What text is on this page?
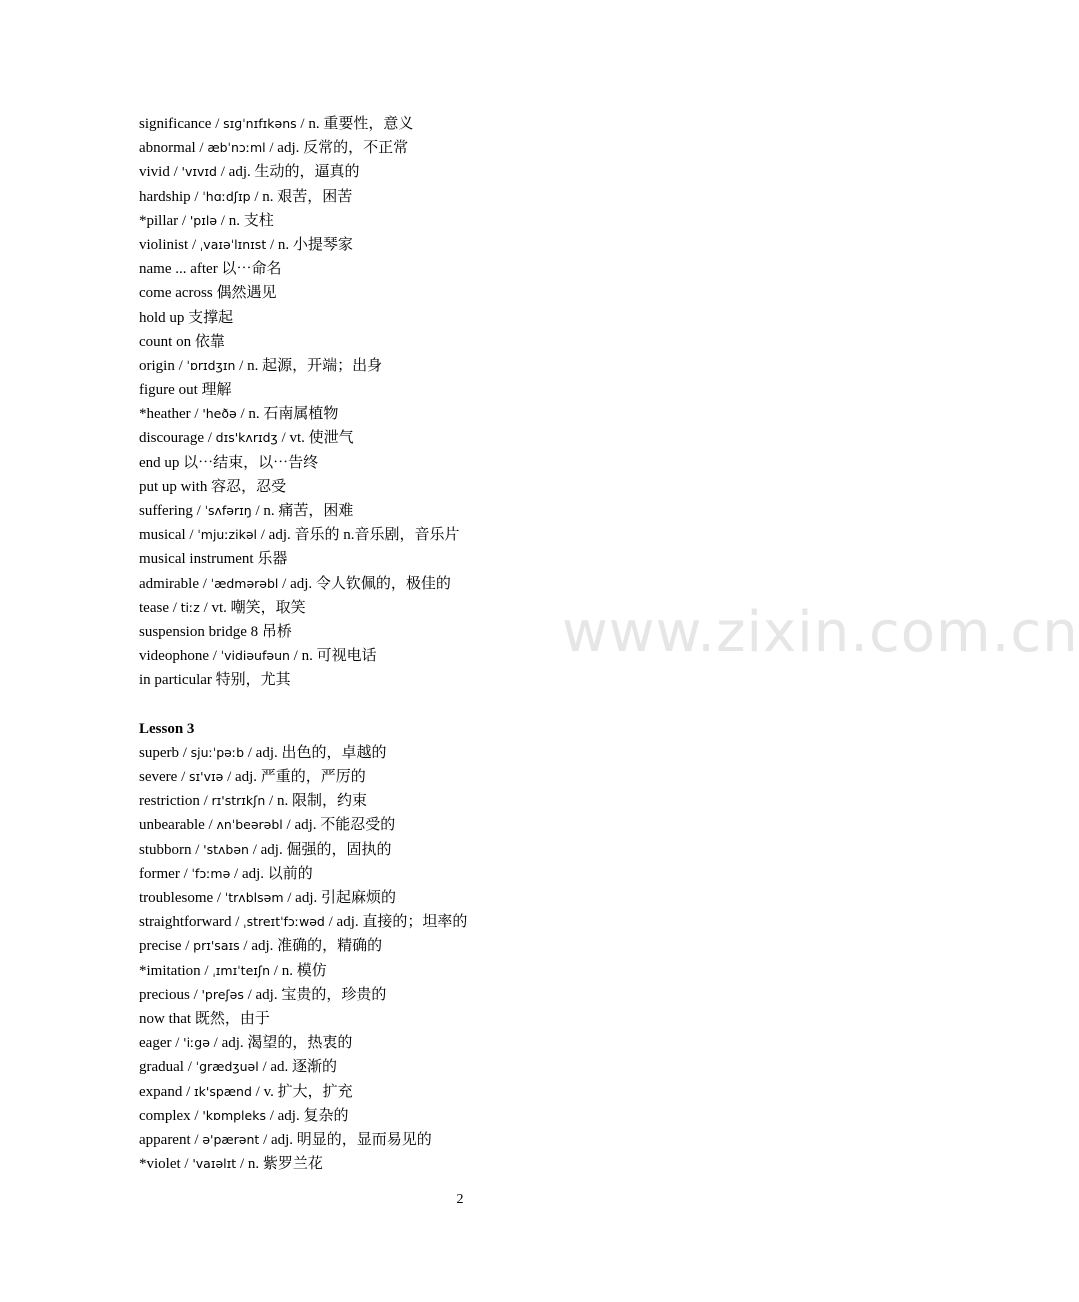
significance / sɪɡˈnɪfɪkəns / n. 重要性，意义
abnormal / æbˈnɔːml / adj. 反常的，不正常
vivid / 'vɪvɪd / adj. 生动的，逼真的
hardship / ˈhɑːdʃɪp / n. 艰苦，困苦
*pillar / 'pɪlə / n. 支柱
violinist / ˌvaɪəˈlɪnɪst / n. 小提琴家
name ... after 以⋯命名
come across 偶然遇见
hold up 支撑起
count on 依靠
origin / ˈɒrɪdʒɪn / n. 起源，开端；出身
figure out 理解
*heather / 'heðə / n. 石南属植物
discourage / dɪs'kʌrɪdʒ / vt. 使泄气
end up 以⋯结束，以⋯告终
put up with 容忍，忍受
suffering / ˈsʌfərɪŋ / n. 痛苦，困难
musical / ˈmjuːzikəl / adj. 音乐的 n.音乐剧，音乐片
musical instrument 乐器
admirable / ˈædmərəbl / adj. 令人钦佩的，极佳的
tease / tiːz / vt. 嘲笑，取笑
suspension bridge 8 吊桥
videophone / ˈvidiəufəun / n. 可视电话
in particular 特别，尤其
Lesson 3
superb / sjuːˈpəːb / adj. 出色的，卓越的
severe / sɪ'vɪə / adj. 严重的，严厉的
restriction / rɪ'strɪkʃn / n. 限制，约束
unbearable / ʌnˈbeərəbl / adj. 不能忍受的
stubborn / 'stʌbən / adj. 倔强的，固执的
former / ˈfɔːmə / adj. 以前的
troublesome / ˈtrʌblsəm / adj. 引起麻烦的
straightforward / ˌstreɪtˈfɔːwəd / adj. 直接的；坦率的
precise / prɪ'saɪs / adj. 准确的，精确的
*imitation / ˌɪmɪˈteɪʃn / n. 模仿
precious / 'preʃəs / adj. 宝贵的，珍贵的
now that 既然，由于
eager / 'iːgə / adj. 渴望的，热衷的
gradual / ˈgrædʒuəl / ad. 逐渐的
expand / ɪk'spænd / v. 扩大，扩充
complex / 'kɒmpleks / adj. 复杂的
apparent / ə'pærənt / adj. 明显的，显而易见的
*violet / 'vaɪəlɪt / n. 紫罗兰花
www.zixin.com.cn
2
